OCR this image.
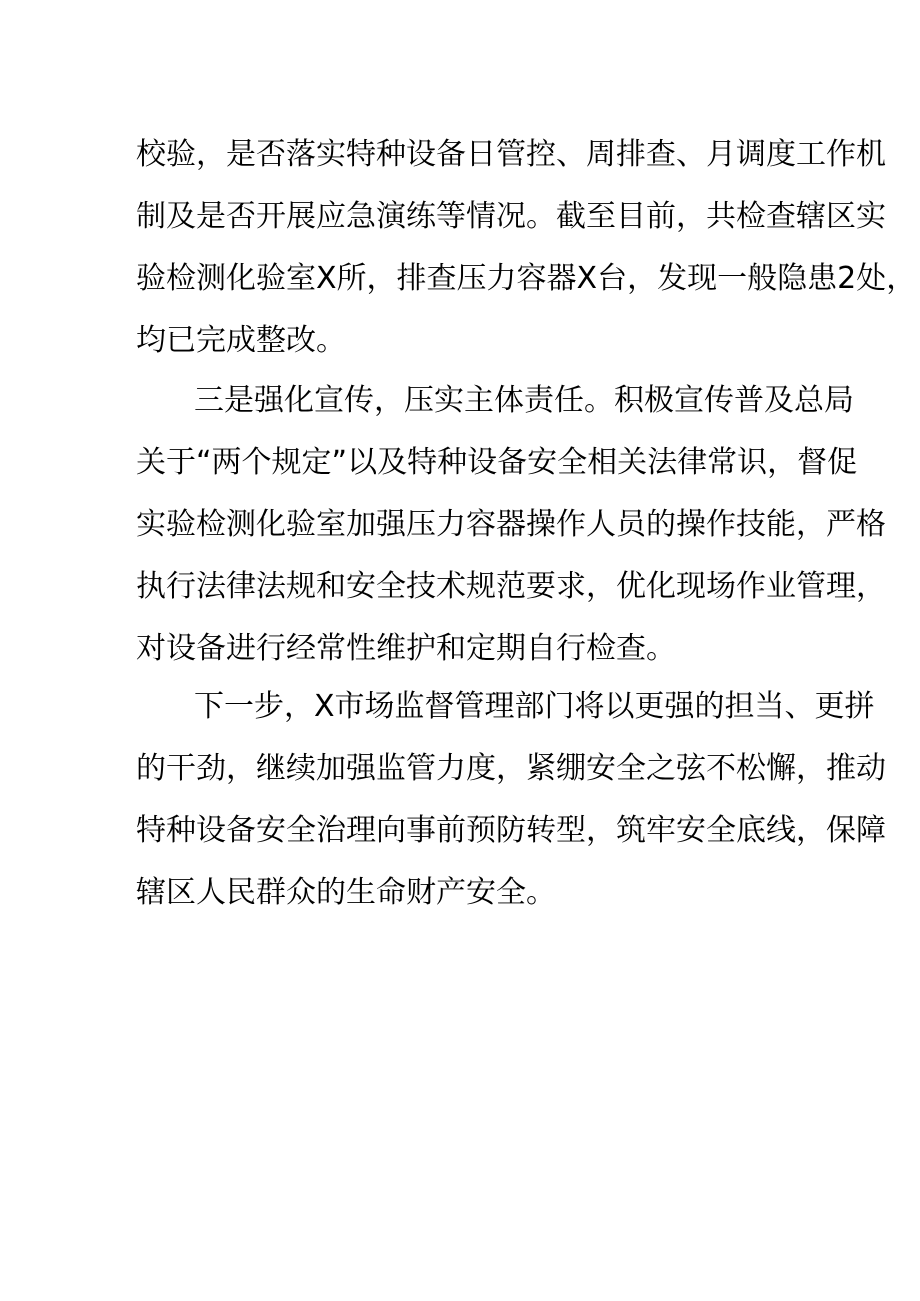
校验，是否落实特种设备日管控、周排查、月调度工作机
制及是否开展应急演练等情况。截至目前，共检查辖区实
验检测化验室X所，排查压力容器X台，发现一般隐患2处，
均已完成整改。
三是强化宣传，压实主体责任。积极宣传普及总局
关于“两个规定”以及特种设备安全相关法律常识，督促
实验检测化验室加强压力容器操作人员的操作技能，严格
执行法律法规和安全技术规范要求，优化现场作业管理，
对设备进行经常性维护和定期自行检查。
下一步，X市场监督管理部门将以更强的担当、更拼
的干劲，继续加强监管力度，紧绷安全之弦不松懈，推动
特种设备安全治理向事前预防转型，筑牢安全底线，保障
辖区人民群众的生命财产安全。
